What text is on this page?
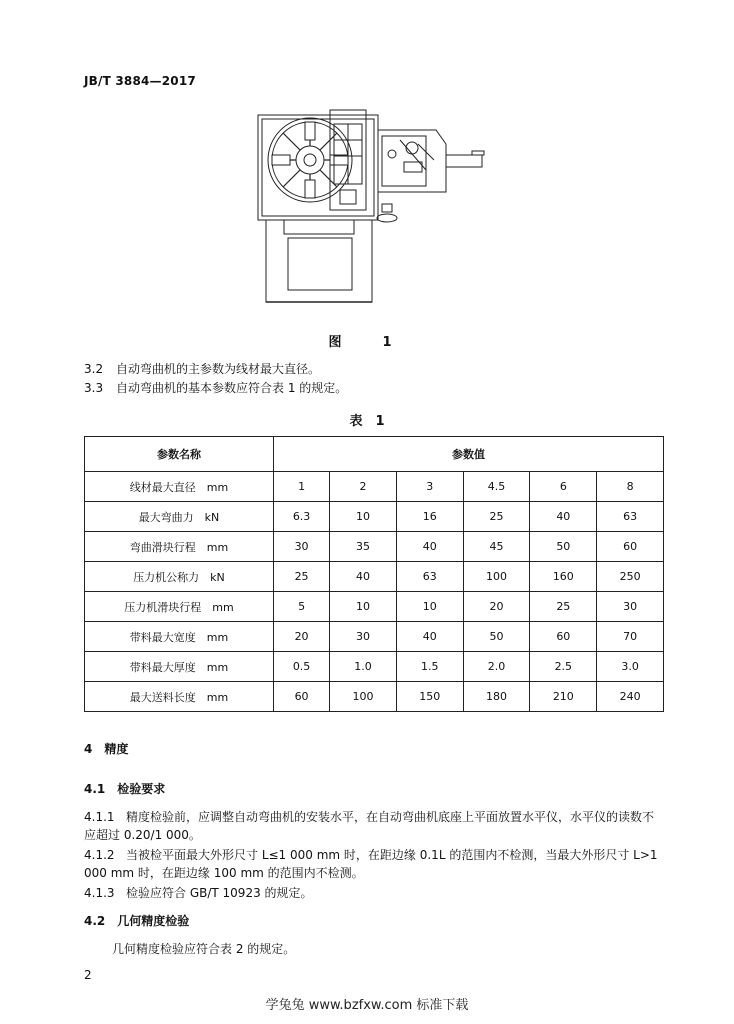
JB/T 3884—2017
图　1
3.2 自动弯曲机的主参数为线材最大直径。
3.3 自动弯曲机的基本参数应符合表 1 的规定。
表　1
参数名称	参数值					
线材最大直径　mm	1	2	3	4.5	6	8
最大弯曲力　kN	6.3	10	16	25	40	63
弯曲滑块行程　mm	30	35	40	45	50	60
压力机公称力　kN	25	40	63	100	160	250
压力机滑块行程　mm	5	10	10	20	25	30
带料最大宽度　mm	20	30	40	50	60	70
带料最大厚度　mm	0.5	1.0	1.5	2.0	2.5	3.0
最大送料长度　mm	60	100	150	180	210	240
4　精度
4.1　检验要求
4.1.1 精度检验前，应调整自动弯曲机的安装水平，在自动弯曲机底座上平面放置水平仪，水平仪的读数不应超过 0.20/1 000。
4.1.2 当被检平面最大外形尺寸 L≤1 000 mm 时，在距边缘 0.1L 的范围内不检测，当最大外形尺寸 L>1 000 mm 时，在距边缘 100 mm 的范围内不检测。
4.1.3 检验应符合 GB/T 10923 的规定。
4.2　几何精度检验
几何精度检验应符合表 2 的规定。
2
学兔兔 www.bzfxw.com 标准下载
